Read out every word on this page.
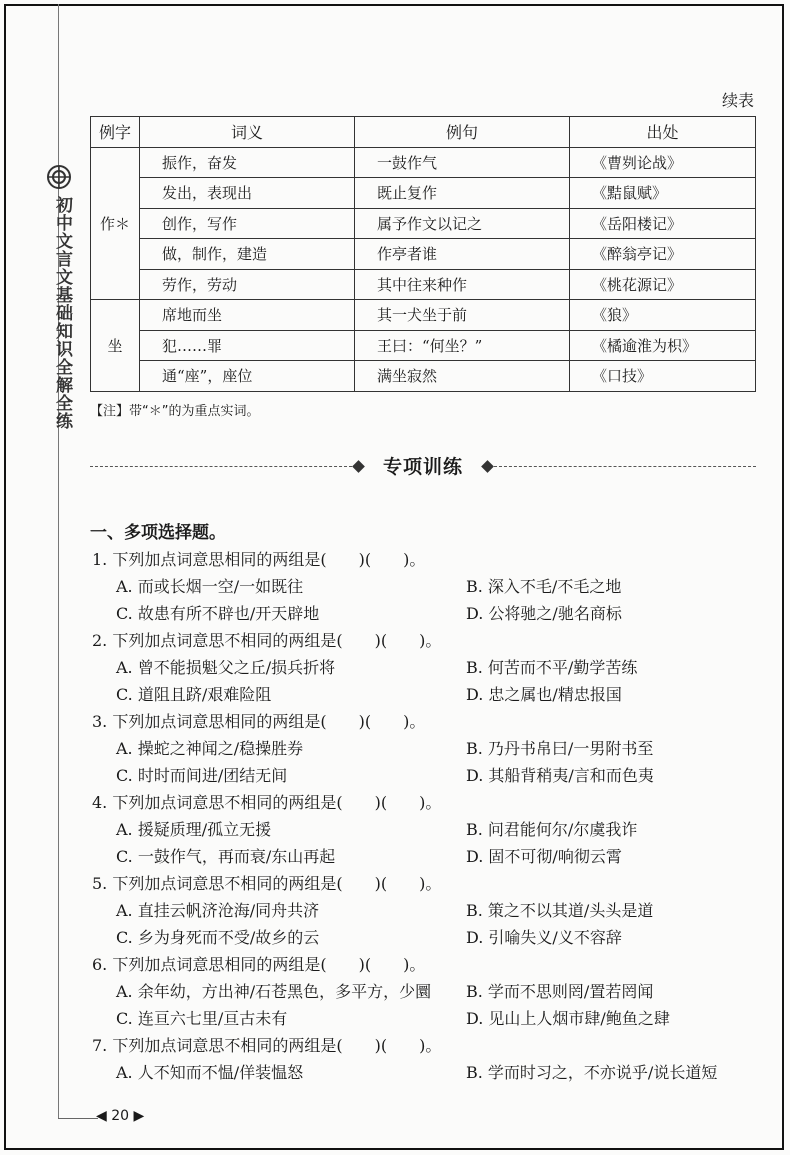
初中文言文基础知识全解全练
续表
例字	词义	例句	出处
作＊	振作，奋发	一鼓作气	《曹刿论战》
	发出，表现出	既止复作	《黠鼠赋》
	创作，写作	属予作文以记之	《岳阳楼记》
	做，制作，建造	作亭者谁	《醉翁亭记》
	劳作，劳动	其中往来种作	《桃花源记》
坐	席地而坐	其一犬坐于前	《狼》
	犯……罪	王曰：“何坐？”	《橘逾淮为枳》
	通“座”，座位	满坐寂然	《口技》
【注】带“＊”的为重点实词。
专项训练
一、多项选择题。
1. 下列加点词意思相同的两组是(　　)(　　)。
A. 而或长烟一空/一如既往	B. 深入不毛/不毛之地
C. 故患有所不辟也/开天辟地	D. 公将驰之/驰名商标
2. 下列加点词意思不相同的两组是(　　)(　　)。
A. 曾不能损魁父之丘/损兵折将	B. 何苦而不平/勤学苦练
C. 道阻且跻/艰难险阻	D. 忠之属也/精忠报国
3. 下列加点词意思相同的两组是(　　)(　　)。
A. 操蛇之神闻之/稳操胜券	B. 乃丹书帛曰/一男附书至
C. 时时而间进/团结无间	D. 其船背稍夷/言和而色夷
4. 下列加点词意思不相同的两组是(　　)(　　)。
A. 援疑质理/孤立无援	B. 问君能何尔/尔虞我诈
C. 一鼓作气，再而衰/东山再起	D. 固不可彻/响彻云霄
5. 下列加点词意思不相同的两组是(　　)(　　)。
A. 直挂云帆济沧海/同舟共济	B. 策之不以其道/头头是道
C. 乡为身死而不受/故乡的云	D. 引喻失义/义不容辞
6. 下列加点词意思相同的两组是(　　)(　　)。
A. 余年幼，方出神/石苍黑色，多平方，少圜 B. 学而不思则罔/置若罔闻
C. 连亘六七里/亘古未有	D. 见山上人烟市肆/鲍鱼之肆
7. 下列加点词意思不相同的两组是(　　)(　　)。
A. 人不知而不愠/佯装愠怒	B. 学而时习之，不亦说乎/说长道短
◀ 20 ▶
